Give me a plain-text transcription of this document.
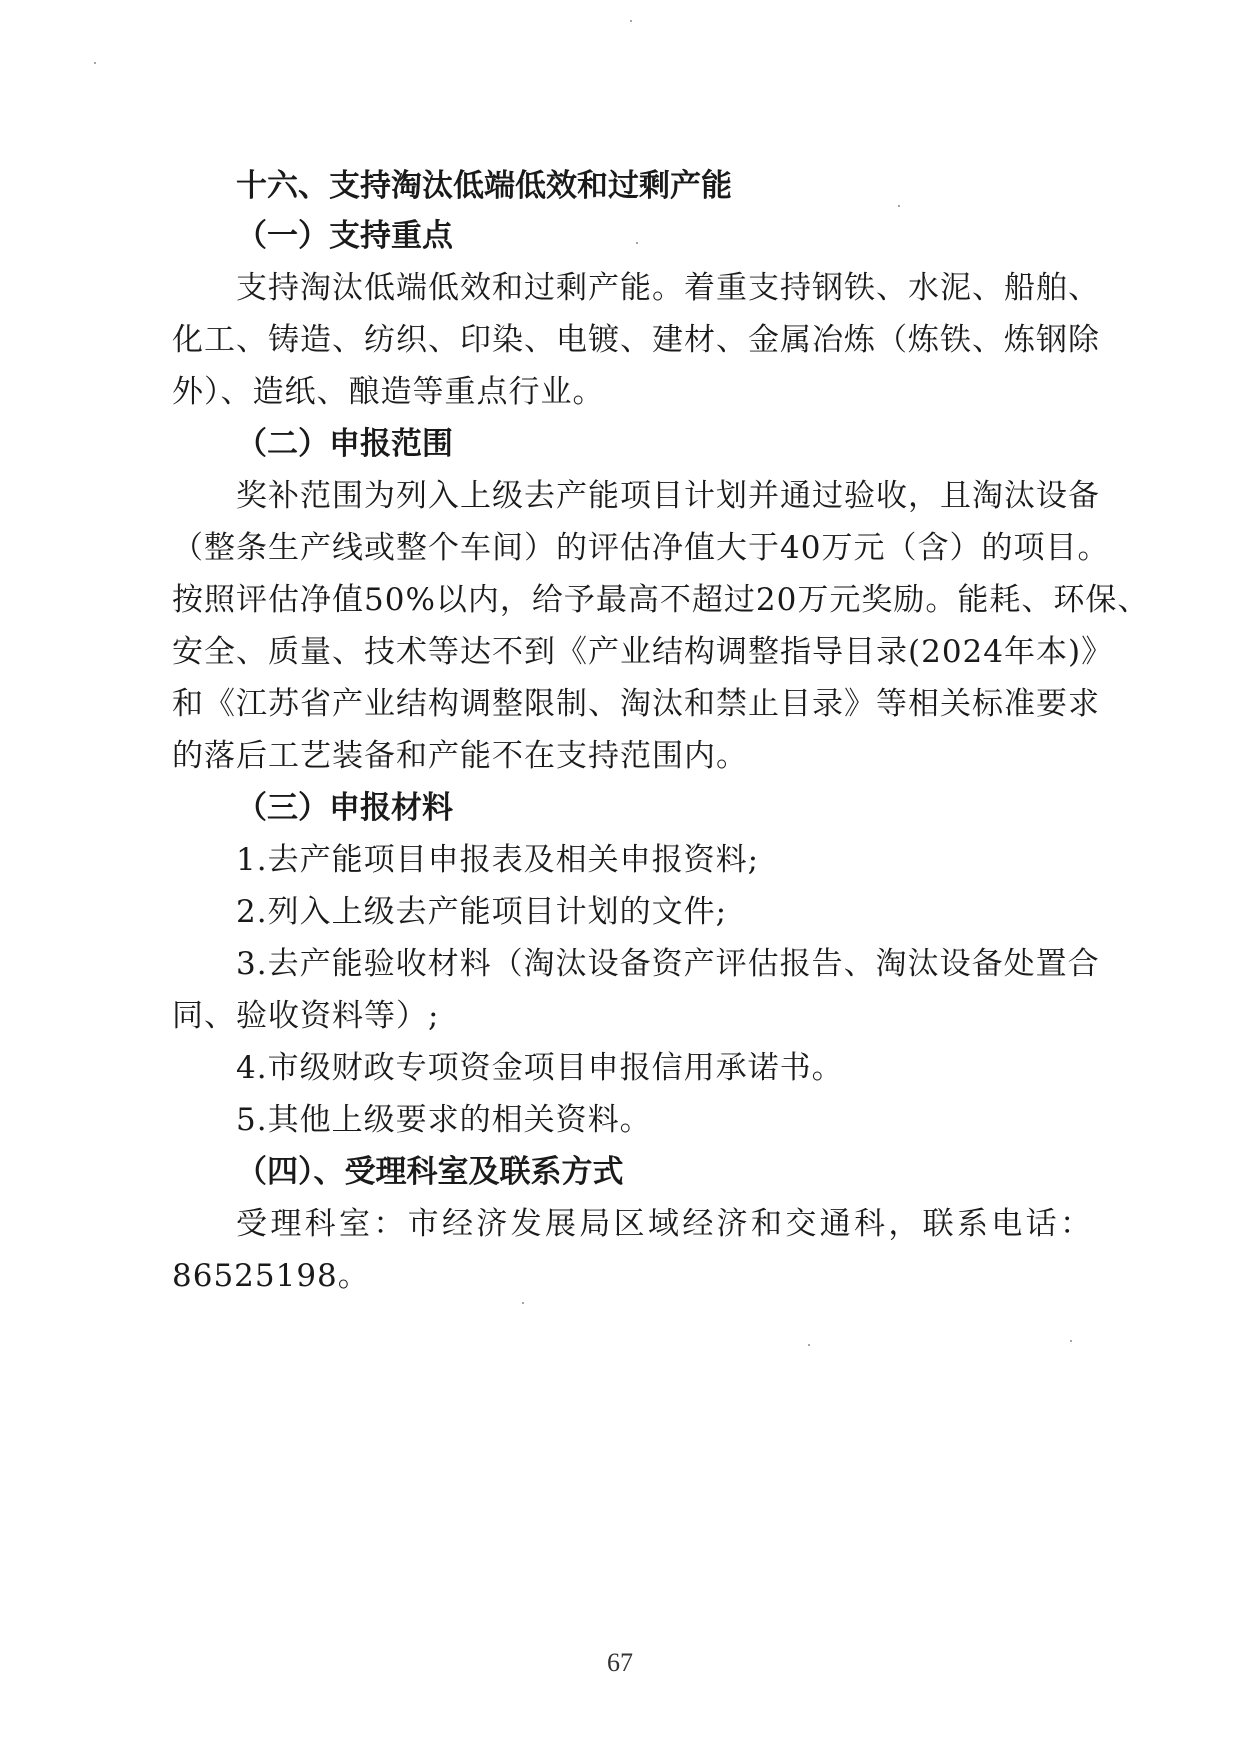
十六、支持淘汰低端低效和过剩产能
（一）支持重点
支持淘汰低端低效和过剩产能。着重支持钢铁、水泥、船舶、
化工、铸造、纺织、印染、电镀、建材、金属冶炼（炼铁、炼钢除
外）、造纸、酿造等重点行业。
（二）申报范围
奖补范围为列入上级去产能项目计划并通过验收，且淘汰设备
（整条生产线或整个车间）的评估净值大于40万元（含）的项目。
按照评估净值50%以内，给予最高不超过20万元奖励。能耗、环保、
安全、质量、技术等达不到《产业结构调整指导目录(2024年本)》
和《江苏省产业结构调整限制、淘汰和禁止目录》等相关标准要求
的落后工艺装备和产能不在支持范围内。
（三）申报材料
1.去产能项目申报表及相关申报资料;
2.列入上级去产能项目计划的文件;
3.去产能验收材料（淘汰设备资产评估报告、淘汰设备处置合
同、验收资料等）;
4.市级财政专项资金项目申报信用承诺书。
5.其他上级要求的相关资料。
（四）、受理科室及联系方式
受理科室：市经济发展局区域经济和交通科，联系电话：
86525198。
67
